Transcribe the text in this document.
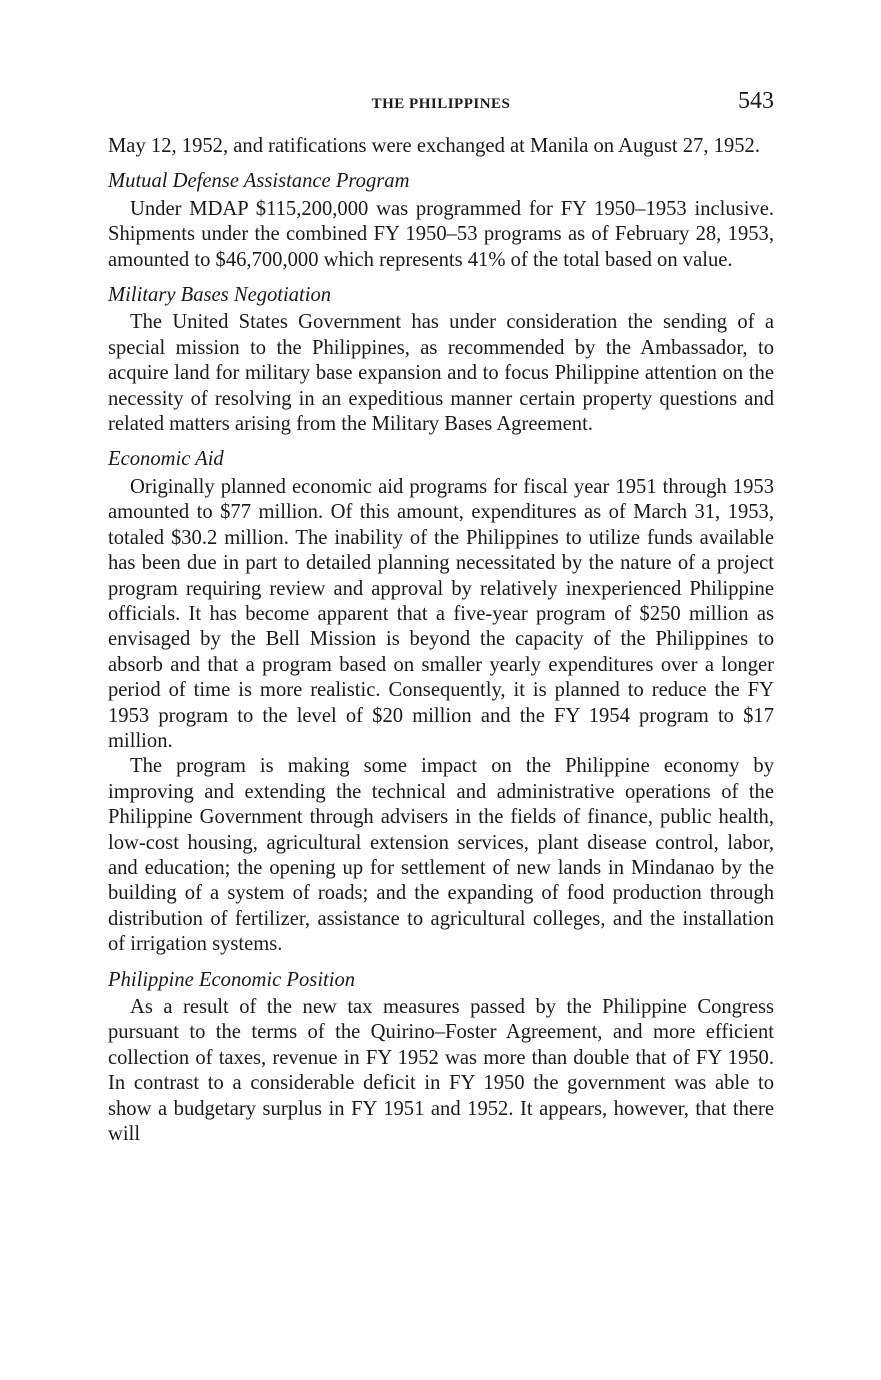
THE PHILIPPINES	543

May 12, 1952, and ratifications were exchanged at Manila on August 27, 1952.

Mutual Defense Assistance Program

Under MDAP $115,200,000 was programmed for FY 1950–1953 inclusive. Shipments under the combined FY 1950–53 programs as of February 28, 1953, amounted to $46,700,000 which represents 41% of the total based on value.

Military Bases Negotiation

The United States Government has under consideration the sending of a special mission to the Philippines, as recommended by the Ambassador, to acquire land for military base expansion and to focus Philippine attention on the necessity of resolving in an expeditious manner certain property questions and related matters arising from the Military Bases Agreement.

Economic Aid

Originally planned economic aid programs for fiscal year 1951 through 1953 amounted to $77 million. Of this amount, expenditures as of March 31, 1953, totaled $30.2 million. The inability of the Philippines to utilize funds available has been due in part to detailed planning necessitated by the nature of a project program requiring review and approval by relatively inexperienced Philippine officials. It has become apparent that a five-year program of $250 million as envisaged by the Bell Mission is beyond the capacity of the Philippines to absorb and that a program based on smaller yearly expenditures over a longer period of time is more realistic. Consequently, it is planned to reduce the FY 1953 program to the level of $20 million and the FY 1954 program to $17 million.

The program is making some impact on the Philippine economy by improving and extending the technical and administrative operations of the Philippine Government through advisers in the fields of finance, public health, low-cost housing, agricultural extension services, plant disease control, labor, and education; the opening up for settlement of new lands in Mindanao by the building of a system of roads; and the expanding of food production through distribution of fertilizer, assistance to agricultural colleges, and the installation of irrigation systems.

Philippine Economic Position

As a result of the new tax measures passed by the Philippine Congress pursuant to the terms of the Quirino–Foster Agreement, and more efficient collection of taxes, revenue in FY 1952 was more than double that of FY 1950. In contrast to a considerable deficit in FY 1950 the government was able to show a budgetary surplus in FY 1951 and 1952. It appears, however, that there will
